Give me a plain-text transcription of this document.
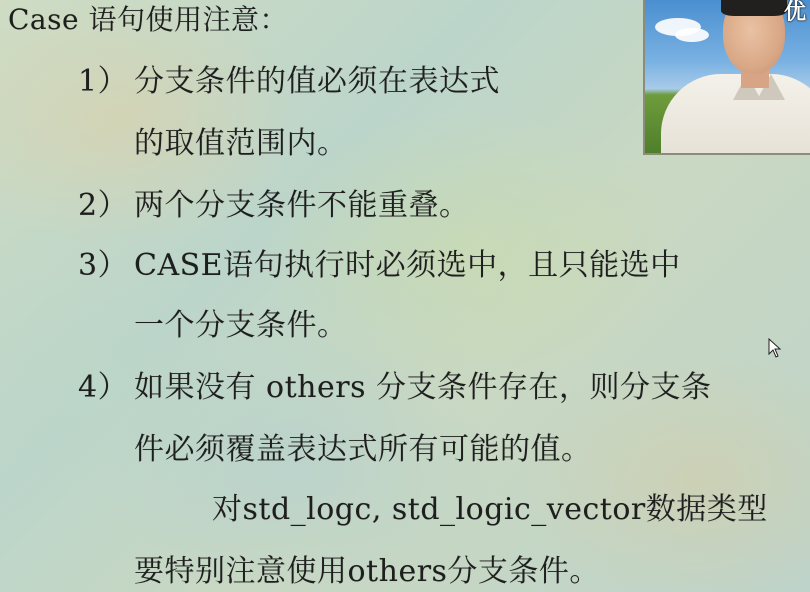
Case 语句使用注意：
1） 分支条件的值必须在表达式
的取值范围内。
2） 两个分支条件不能重叠。
3） CASE语句执行时必须选中，且只能选中
一个分支条件。
4） 如果没有 others 分支条件存在，则分支条
件必须覆盖表达式所有可能的值。
对std_logc, std_logic_vector数据类型
要特别注意使用others分支条件。
优
